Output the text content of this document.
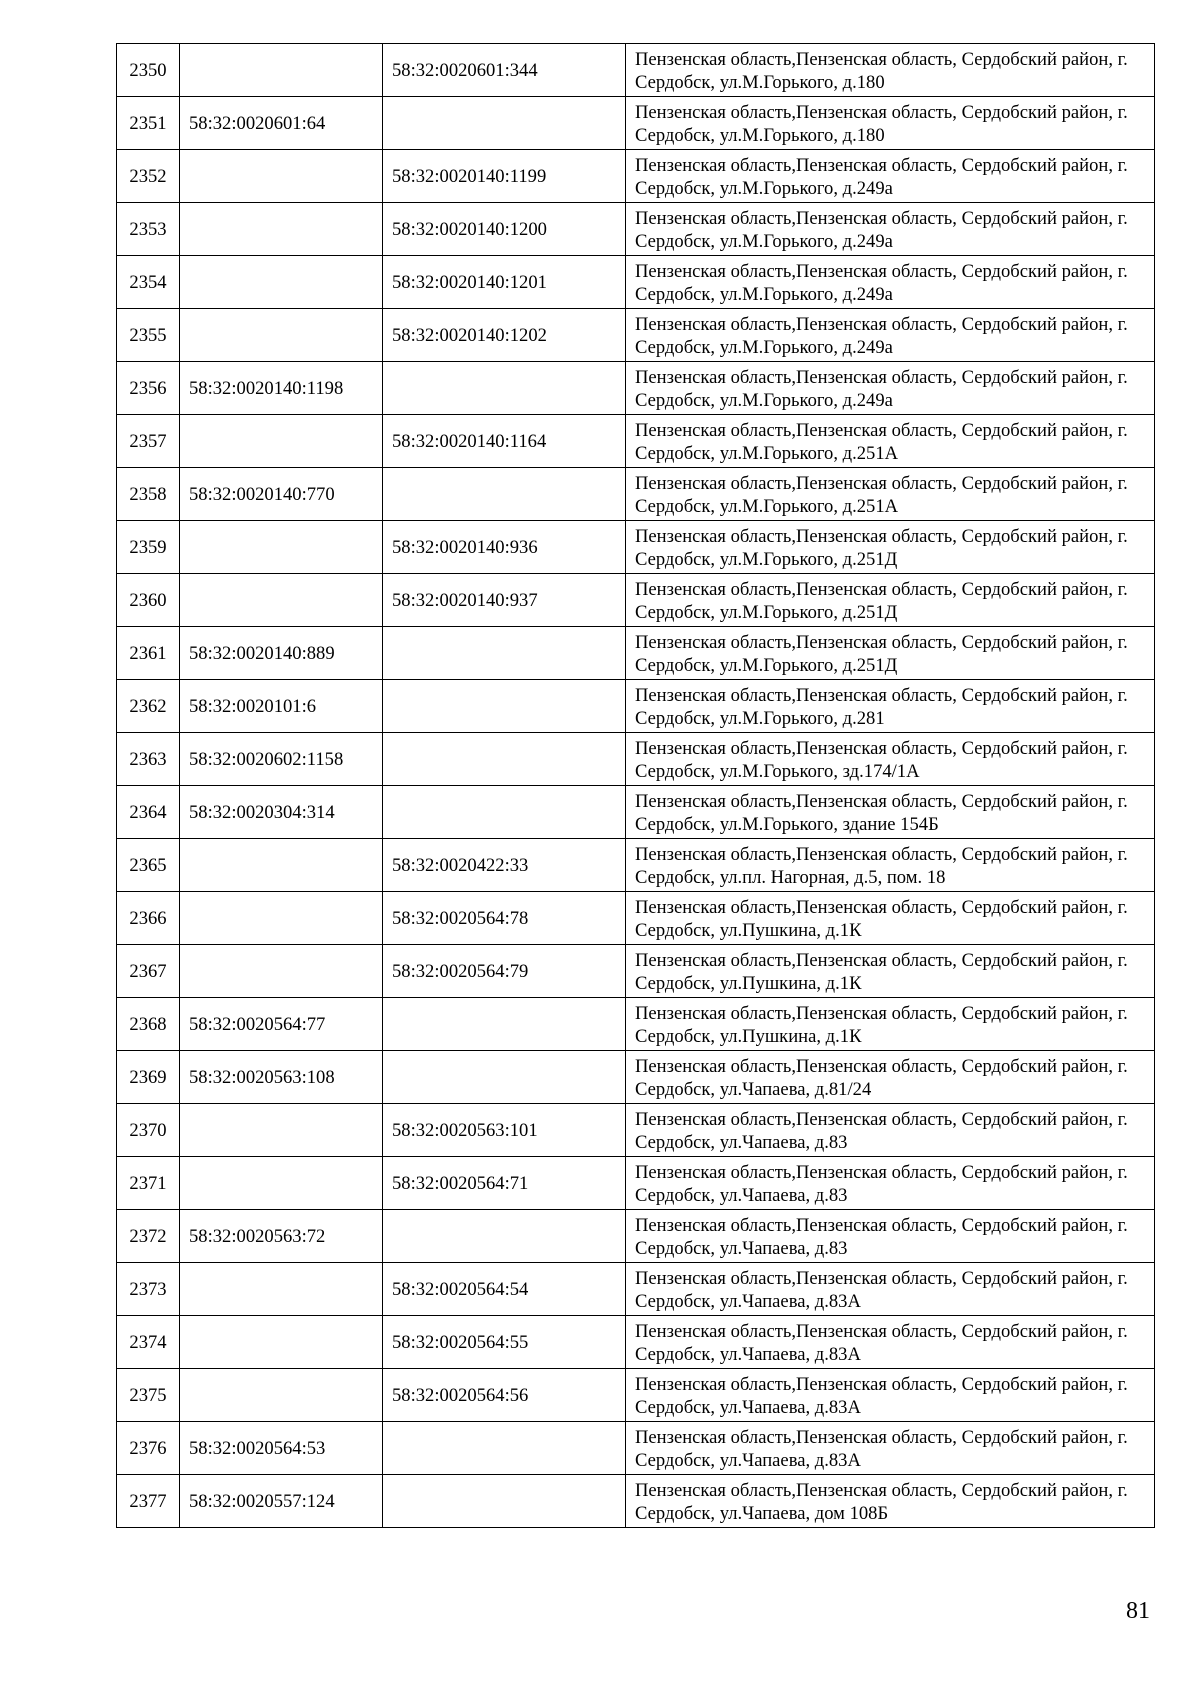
2350		58:32:0020601:344	Пензенская область,Пензенская область, Сердобский район, г. Сердобск, ул.М.Горького, д.180
2351	58:32:0020601:64		Пензенская область,Пензенская область, Сердобский район, г. Сердобск, ул.М.Горького, д.180
2352		58:32:0020140:1199	Пензенская область,Пензенская область, Сердобский район, г. Сердобск, ул.М.Горького, д.249а
2353		58:32:0020140:1200	Пензенская область,Пензенская область, Сердобский район, г. Сердобск, ул.М.Горького, д.249а
2354		58:32:0020140:1201	Пензенская область,Пензенская область, Сердобский район, г. Сердобск, ул.М.Горького, д.249а
2355		58:32:0020140:1202	Пензенская область,Пензенская область, Сердобский район, г. Сердобск, ул.М.Горького, д.249а
2356	58:32:0020140:1198		Пензенская область,Пензенская область, Сердобский район, г. Сердобск, ул.М.Горького, д.249а
2357		58:32:0020140:1164	Пензенская область,Пензенская область, Сердобский район, г. Сердобск, ул.М.Горького, д.251А
2358	58:32:0020140:770		Пензенская область,Пензенская область, Сердобский район, г. Сердобск, ул.М.Горького, д.251А
2359		58:32:0020140:936	Пензенская область,Пензенская область, Сердобский район, г. Сердобск, ул.М.Горького, д.251Д
2360		58:32:0020140:937	Пензенская область,Пензенская область, Сердобский район, г. Сердобск, ул.М.Горького, д.251Д
2361	58:32:0020140:889		Пензенская область,Пензенская область, Сердобский район, г. Сердобск, ул.М.Горького, д.251Д
2362	58:32:0020101:6		Пензенская область,Пензенская область, Сердобский район, г. Сердобск, ул.М.Горького, д.281
2363	58:32:0020602:1158		Пензенская область,Пензенская область, Сердобский район, г. Сердобск, ул.М.Горького, зд.174/1А
2364	58:32:0020304:314		Пензенская область,Пензенская область, Сердобский район, г. Сердобск, ул.М.Горького, здание 154Б
2365		58:32:0020422:33	Пензенская область,Пензенская область, Сердобский район, г. Сердобск, ул.пл. Нагорная, д.5, пом. 18
2366		58:32:0020564:78	Пензенская область,Пензенская область, Сердобский район, г. Сердобск, ул.Пушкина, д.1К
2367		58:32:0020564:79	Пензенская область,Пензенская область, Сердобский район, г. Сердобск, ул.Пушкина, д.1К
2368	58:32:0020564:77		Пензенская область,Пензенская область, Сердобский район, г. Сердобск, ул.Пушкина, д.1К
2369	58:32:0020563:108		Пензенская область,Пензенская область, Сердобский район, г. Сердобск, ул.Чапаева, д.81/24
2370		58:32:0020563:101	Пензенская область,Пензенская область, Сердобский район, г. Сердобск, ул.Чапаева, д.83
2371		58:32:0020564:71	Пензенская область,Пензенская область, Сердобский район, г. Сердобск, ул.Чапаева, д.83
2372	58:32:0020563:72		Пензенская область,Пензенская область, Сердобский район, г. Сердобск, ул.Чапаева, д.83
2373		58:32:0020564:54	Пензенская область,Пензенская область, Сердобский район, г. Сердобск, ул.Чапаева, д.83А
2374		58:32:0020564:55	Пензенская область,Пензенская область, Сердобский район, г. Сердобск, ул.Чапаева, д.83А
2375		58:32:0020564:56	Пензенская область,Пензенская область, Сердобский район, г. Сердобск, ул.Чапаева, д.83А
2376	58:32:0020564:53		Пензенская область,Пензенская область, Сердобский район, г. Сердобск, ул.Чапаева, д.83А
2377	58:32:0020557:124		Пензенская область,Пензенская область, Сердобский район, г. Сердобск, ул.Чапаева, дом 108Б
81
